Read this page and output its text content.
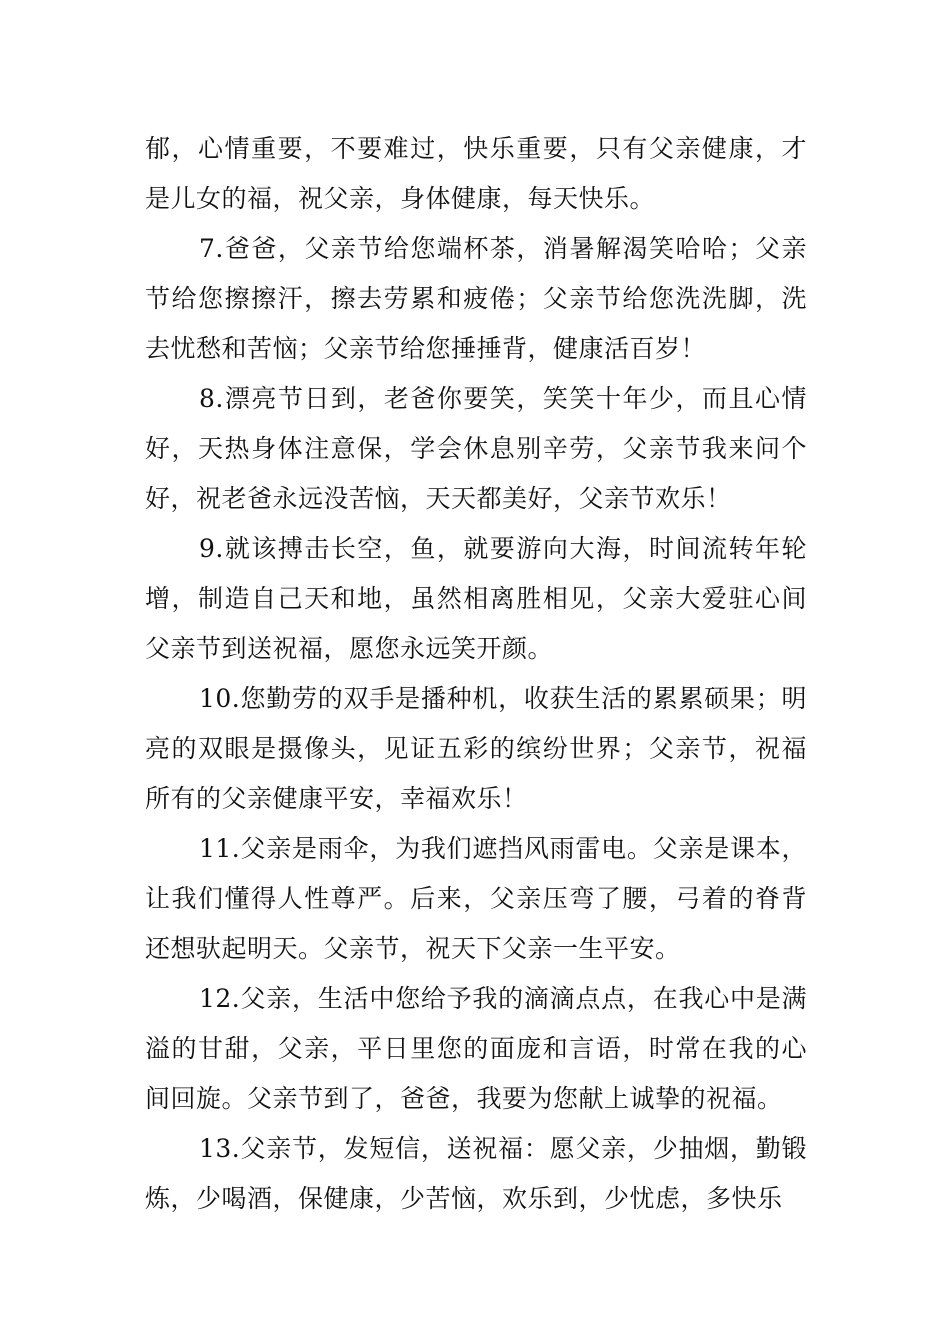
郁，心情重要，不要难过，快乐重要，只有父亲健康，才是儿女的福，祝父亲，身体健康，每天快乐。

7.爸爸，父亲节给您端杯茶，消暑解渴笑哈哈；父亲节给您擦擦汗，擦去劳累和疲倦；父亲节给您洗洗脚，洗去忧愁和苦恼；父亲节给您捶捶背，健康活百岁！

8.漂亮节日到，老爸你要笑，笑笑十年少，而且心情好，天热身体注意保，学会休息别辛劳，父亲节我来问个好，祝老爸永远没苦恼，天天都美好，父亲节欢乐！

9.就该搏击长空，鱼，就要游向大海，时间流转年轮增，制造自己天和地，虽然相离胜相见，父亲大爱驻心间父亲节到送祝福，愿您永远笑开颜。

10.您勤劳的双手是播种机，收获生活的累累硕果；明亮的双眼是摄像头，见证五彩的缤纷世界；父亲节，祝福所有的父亲健康平安，幸福欢乐！

11.父亲是雨伞，为我们遮挡风雨雷电。父亲是课本，让我们懂得人性尊严。后来，父亲压弯了腰，弓着的脊背还想驮起明天。父亲节，祝天下父亲一生平安。

12.父亲，生活中您给予我的滴滴点点，在我心中是满溢的甘甜，父亲，平日里您的面庞和言语，时常在我的心间回旋。父亲节到了，爸爸，我要为您献上诚挚的祝福。

13.父亲节，发短信，送祝福：愿父亲，少抽烟，勤锻炼，少喝酒，保健康，少苦恼，欢乐到，少忧虑，多快乐
